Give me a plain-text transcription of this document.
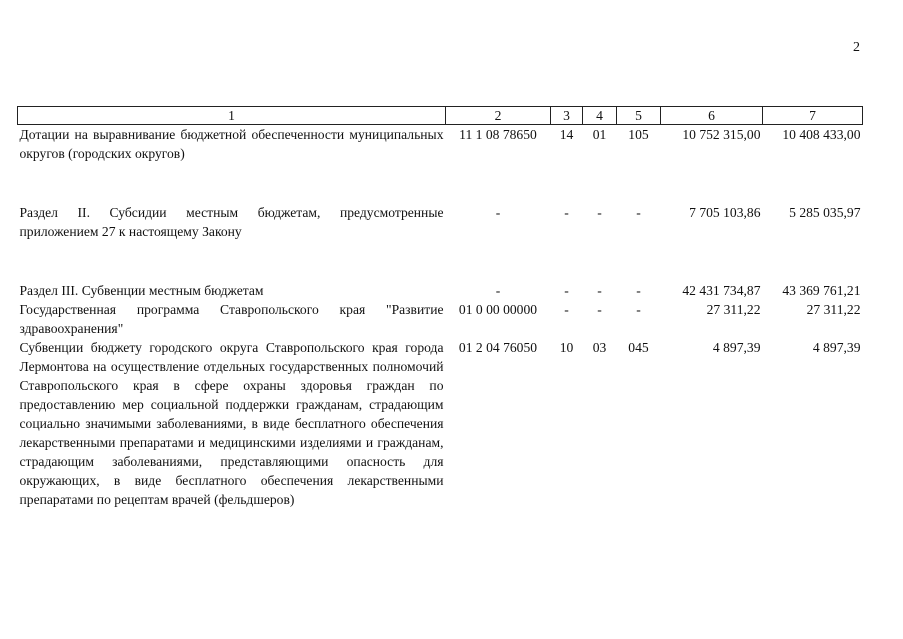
2
1	2	3	4	5	6	7
Дотации на выравнивание бюджетной обеспеченности муниципальных округов (городских округов)	11 1 08 78650	14	01	105	10 752 315,00	10 408 433,00

Раздел II. Субсидии местным бюджетам, предусмотренные приложением 27 к настоящему Закону	-	-	-	-	7 705 103,86	5 285 035,97

Раздел III. Субвенции местным бюджетам	-	-	-	-	42 431 734,87	43 369 761,21
Государственная программа Ставропольского края "Развитие здравоохранения"	01 0 00 00000	-	-	-	27 311,22	27 311,22
Субвенции бюджету городского округа Ставропольского края города Лермонтова на осуществление отдельных государственных полномочий Ставропольского края в сфере охраны здоровья граждан по предоставлению мер социальной поддержки гражданам, страдающим социально значимыми заболеваниями, в виде бесплатного обеспечения лекарственными препаратами и медицинскими изделиями и гражданам, страдающим заболеваниями, представляющими опасность для окружающих, в виде бесплатного обеспечения лекарственными препаратами по рецептам врачей (фельдшеров)	01 2 04 76050	10	03	045	4 897,39	4 897,39
